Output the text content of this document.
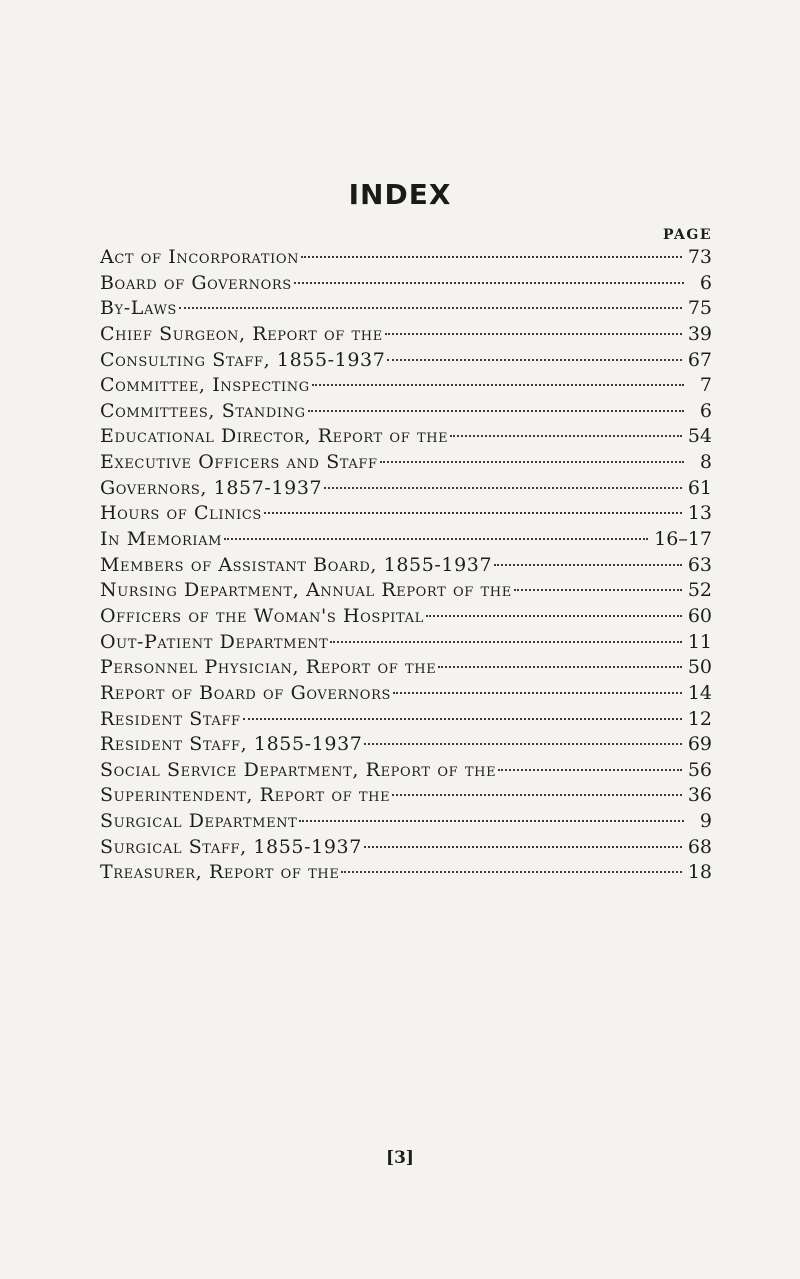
INDEX
PAGE
Act of Incorporation	73
Board of Governors	6
By-Laws	75
Chief Surgeon, Report of the	39
Consulting Staff, 1855-1937	67
Committee, Inspecting	7
Committees, Standing	6
Educational Director, Report of the	54
Executive Officers and Staff	8
Governors, 1857-1937	61
Hours of Clinics	13
In Memoriam	16–17
Members of Assistant Board, 1855-1937	63
Nursing Department, Annual Report of the	52
Officers of the Woman's Hospital	60
Out-Patient Department	11
Personnel Physician, Report of the	50
Report of Board of Governors	14
Resident Staff	12
Resident Staff, 1855-1937	69
Social Service Department, Report of the	56
Superintendent, Report of the	36
Surgical Department	9
Surgical Staff, 1855-1937	68
Treasurer, Report of the	18
[3]
